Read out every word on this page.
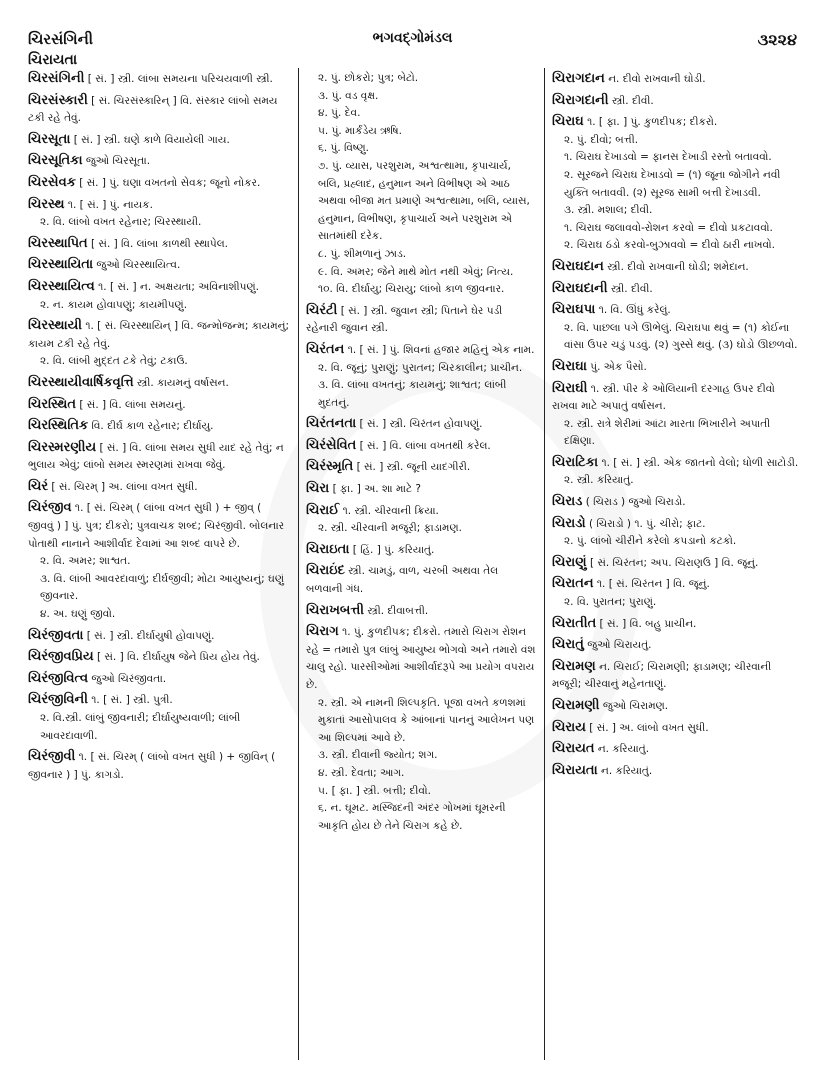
ચિરસંગિની	ભગવદ્ગોમંડલ	૩૨૨૪
ચિરાયતા
ચિરસંગિની [ સં. ] સ્ત્રી. લાંબા સમયના પરિચયવાળી સ્ત્રી.
ચિરસંસ્કારી [ સં. ચિરસંસ્કારિન્ ] વિ. સંસ્કાર લાંબો સમય ટકી રહે તેવું.
ચિરસૂતા [ સં. ] સ્ત્રી. ઘણે કાળે વિયાયેલી ગાય.
ચિરસૂતિકા જુઓ ચિરસૂતા.
ચિરસેવક [ સં. ] પું. ઘણા વખતનો સેવક; જૂનો નોકર.
ચિરસ્થ ૧. [ સં. ] પું. નાયક.
૨. વિ. લાંબો વખત રહેનાર; ચિરસ્થાયી.
ચિરસ્થાપિત [ સં. ] વિ. લાંબા કાળથી સ્થાપેલ.
ચિરસ્થાયિતા જુઓ ચિરસ્થાયિત્વ.
ચિરસ્થાયિત્વ ૧. [ સં. ] ન. અક્ષયતા; અવિનાશીપણું.
૨. ન. કાયમ હોવાપણું; કાયમીપણું.
ચિરસ્થાયી ૧. [ સં. ચિરસ્થાયિન્ ] વિ. જન્મોજન્મ; કાયમનું; કાયમ ટકી રહે તેવું.
૨. વિ. લાંબી મુદ્દત ટકે તેવું; ટકાઉ.
ચિરસ્થાયીવાર્ષિકવૃત્તિ સ્ત્રી. કાયમનું વર્ષાસન.
ચિરસ્થિત [ સં. ] વિ. લાંબા સમયનું.
ચિરસ્થિતિક વિ. દીર્ઘ કાળ રહેનાર; દીર્ઘાયુ.
ચિરસ્મરણીય [ સં. ] વિ. લાંબા સમય સુધી યાદ રહે તેવું; ન ભુલાય એવું; લાંબો સમય સ્મરણમાં રાખવા જેવું.
ચિરં [ સં. ચિરમ્ ] અ. લાંબા વખત સુધી.
ચિરંજીવ ૧. [ સં. ચિરમ્ ( લાંબા વખત સુધી ) + જીવ્ ( જીવવું ) ] પું. પુત્ર; દીકરો; પુત્રવાચક શબ્દ; ચિરંજીવી. બોલનાર પોતાથી નાનાને આશીર્વાદ દેવામાં આ શબ્દ વાપરે છે.
૨. વિ. અમર; શાશ્વત.
૩. વિ. લાંબી આવરદાવાળું; દીર્ઘજીવી; મોટા આયુષ્યનું; ઘણું જીવનાર.
૪. અ. ઘણું જીવો.
ચિરંજીવતા [ સં. ] સ્ત્રી. દીર્ઘાયુષી હોવાપણું.
ચિરંજીવપ્રિય [ સં. ] વિ. દીર્ઘાયુષ જેને પ્રિય હોય તેવું.
ચિરંજીવિત્વ જુઓ ચિરંજીવતા.
ચિરંજીવિની ૧. [ સં. ] સ્ત્રી. પુત્રી.
૨. વિ.સ્ત્રી. લાંબું જીવનારી; દીર્ઘાયુષ્યવાળી; લાંબી આવરદાવાળી.
ચિરંજીવી ૧. [ સં. ચિરમ્ ( લાંબો વખત સુધી ) + જીવિન્ ( જીવનાર ) ] પું. કાગડો.
૨. પું. છોકરો; પુત્ર; બેટો.
૩. પું. વડ વૃક્ષ.
૪. પું. દેવ.
૫. પું. માર્કંડેય ઋષિ.
૬. પું. વિષ્ણુ.
૭. પું. વ્યાસ, પરશુરામ, અશ્વત્થામા, કૃપાચાર્ય, બલિ, પ્રહ્લાદ, હનુમાન અને વિભીષણ એ આઠ અથવા બીજા મત પ્રમાણે અશ્વત્થામા, બલિ, વ્યાસ, હનુમાન, વિભીષણ, કૃપાચાર્ય અને પરશુરામ એ સાતમાંથી દરેક.
૮. પું. શીમળાનું ઝાડ.
૯. વિ. અમર; જેને માથે મોત નથી એવું; નિત્ય.
૧૦. વિ. દીર્ઘાયુ; ચિરાયુ; લાંબો કાળ જીવનાર.
ચિરંટી [ સં. ] સ્ત્રી. જુવાન સ્ત્રી; પિતાને ઘેર પડી રહેનારી જુવાન સ્ત્રી.
ચિરંતન ૧. [ સં. ] પું. શિવનાં હજાર મહિનું એક નામ.
૨. વિ. જૂનું; પુરાણું; પુરાતન; ચિરકાલીન; પ્રાચીન.
૩. વિ. લાંબા વખતનું; કાયમનું; શાશ્વત; લાંબી મુદતનું.
ચિરંતનતા [ સં. ] સ્ત્રી. ચિરંતન હોવાપણું.
ચિરંસેવિત [ સં. ] વિ. લાંબા વખતથી કરેલ.
ચિરંસ્મૃતિ [ સં. ] સ્ત્રી. જૂની યાદગીરી.
ચિરા [ ફા. ] અ. શા માટે ?
ચિરાઈ ૧. સ્ત્રી. ચીરવાની ક્રિયા.
૨. સ્ત્રી. ચીરવાની મજૂરી; ફાડામણ.
ચિરાઇતા [ હિં. ] પું. કરિયાતું.
ચિરાઇંદ સ્ત્રી. ચામડું, વાળ, ચરબી અથવા તેલ બળવાની ગંધ.
ચિરાખબત્તી સ્ત્રી. દીવાબત્તી.
ચિરાગ ૧. પું. કુળદીપક; દીકરો. તમારો ચિરાગ રોશન રહે = તમારો પુત્ર લાંબું આયુષ્ય ભોગવો અને તમારો વંશ ચાલુ રહો. પારસીઓમાં આશીર્વાદરૂપે આ પ્રયોગ વપરાય છે.
૨. સ્ત્રી. એ નામની શિલ્પકૃતિ. પૂજા વખતે કળશમાં મુકાતાં આસોપાલવ કે આંબાનાં પાનનું આલેખન પણ આ શિલ્પમાં આવે છે.
૩. સ્ત્રી. દીવાની જ્યોત; શગ.
૪. સ્ત્રી. દેવતા; આગ.
૫. [ ફા. ] સ્ત્રી. બત્તી; દીવો.
૬. ન. ઘૂમટ. મસ્જિદની અંદર ગોખમાં ઘૂમરની આકૃતિ હોય છે તેને ચિરાગ કહે છે.
ચિરાગદાન ન. દીવો રાખવાની ઘોડી.
ચિરાગદાની સ્ત્રી. દીવી.
ચિરાઘ ૧. [ ફા. ] પું. કુળદીપક; દીકરો.
૨. પું. દીવો; બત્તી.
૧. ચિરાઘ દેખાડવો = ફાનસ દેખાડી રસ્તો બતાવવો.
૨. સૂરજને ચિરાઘ દેખાડવો = (૧) જૂના જોગીને નવી યુક્તિ બતાવવી. (૨) સૂરજ સામી બત્તી દેખાડવી.
૩. સ્ત્રી. મશાલ; દીવી.
૧. ચિરાઘ જલાવવો-રોશન કરવો = દીવો પ્રકટાવવો.
૨. ચિરાઘ ઠંડો કરવો-બુઝાવવો = દીવો ઠારી નાખવો.
ચિરાઘદાન સ્ત્રી. દીવો રાખવાની ઘોડી; શમેદાન.
ચિરાઘદાની સ્ત્રી. દીવી.
ચિરાઘપા ૧. વિ. ઊંધું કરેલું.
૨. વિ. પાછલા પગે ઊભેલું. ચિરાઘપા થવું = (૧) કોઈના વાંસા ઉપર ચડું પડવું. (૨) ગુસ્સે થવું. (૩) ઘોડો ઊછળવો.
ચિરાઘા પું. એક પૈસો.
ચિરાઘી ૧. સ્ત્રી. પીર કે ઓલિયાની દરગાહ ઉપર દીવો રાખવા માટે અપાતું વર્ષાસન.
૨. સ્ત્રી. રાત્રે શેરીમાં આંટા મારતા ભિખારીને અપાતી દક્ષિણા.
ચિરાટિકા ૧. [ સં. ] સ્ત્રી. એક જાતનો વેલો; ધોળી સાટોડી.
૨. સ્ત્રી. કરિયાતું.
ચિરાડ ( ચિરાડ ) જુઓ ચિરાડો.
ચિરાડો ( ચિરાડો ) ૧. પું. ચીરો; ફાટ.
૨. પું. લાંબો ચીરીને કરેલો કપડાનો કટકો.
ચિરાણું [ સં. ચિરંતન; અપ. ચિરાણઉ ] વિ. જૂનું.
ચિરાતન ૧. [ સં. ચિરંતન ] વિ. જૂનું.
૨. વિ. પુરાતન; પુરાણું.
ચિરાતીત [ સં. ] વિ. બહુ પ્રાચીન.
ચિરાતું જુઓ ચિરાયતું.
ચિરામણ ન. ચિરાઈ; ચિરામણી; ફાડામણ; ચીરવાની મજૂરી; ચીરવાનું મહેનતાણું.
ચિરામણી જુઓ ચિરામણ.
ચિરાય [ સં. ] અ. લાંબો વખત સુધી.
ચિરાયત ન. કરિયાતું.
ચિરાયતા ન. કરિયાતું.
